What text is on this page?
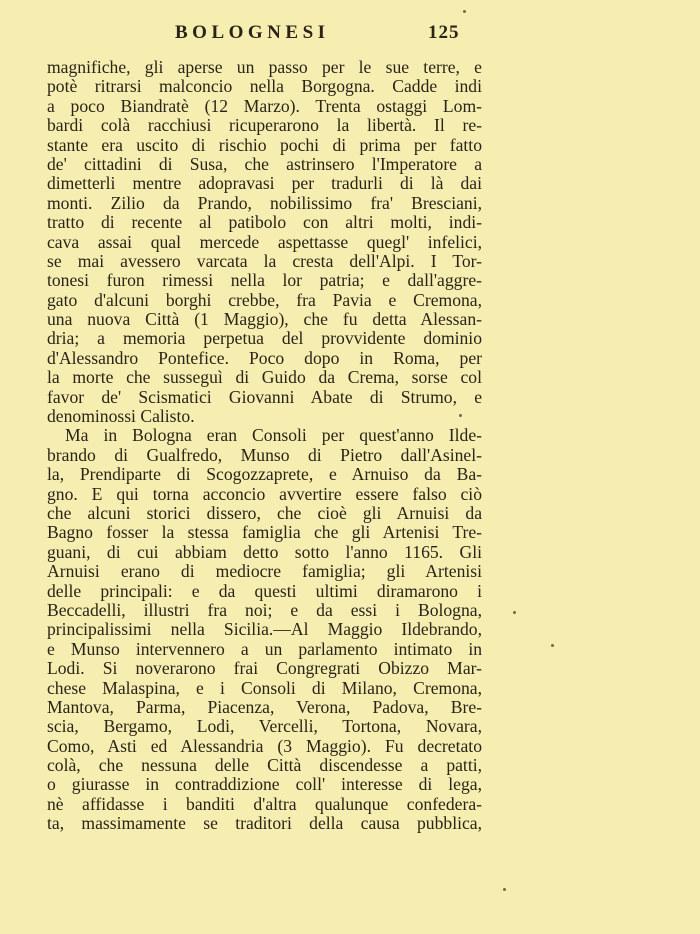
BOLOGNESI	125
magnifiche, gli aperse un passo per le sue terre, e
potè ritrarsi malconcio nella Borgogna. Cadde indi
a poco Biandratè (12 Marzo). Trenta ostaggi Lom-
bardi colà racchiusi ricuperarono la libertà. Il re-
stante era uscito di rischio pochi di prima per fatto
de' cittadini di Susa, che astrinsero l'Imperatore a
dimetterli mentre adopravasi per tradurli di là dai
monti. Zilio da Prando, nobilissimo fra' Bresciani,
tratto di recente al patibolo con altri molti, indi-
cava assai qual mercede aspettasse quegl' infelici,
se mai avessero varcata la cresta dell'Alpi. I Tor-
tonesi furon rimessi nella lor patria; e dall'aggre-
gato d'alcuni borghi crebbe, fra Pavia e Cremona,
una nuova Città (1 Maggio), che fu detta Alessan-
dria; a memoria perpetua del provvidente dominio
d'Alessandro Pontefice. Poco dopo in Roma, per
la morte che susseguì di Guido da Crema, sorse col
favor de' Scismatici Giovanni Abate di Strumo, e
denominossi Calisto.
Ma in Bologna eran Consoli per quest'anno Ilde-
brando di Gualfredo, Munso di Pietro dall'Asinel-
la, Prendiparte di Scogozzaprete, e Arnuiso da Ba-
gno. E qui torna acconcio avvertire essere falso ciò
che alcuni storici dissero, che cioè gli Arnuisi da
Bagno fosser la stessa famiglia che gli Artenisi Tre-
guani, di cui abbiam detto sotto l'anno 1165. Gli
Arnuisi erano di mediocre famiglia; gli Artenisi
delle principali: e da questi ultimi diramarono i
Beccadelli, illustri fra noi; e da essi i Bologna,
principalissimi nella Sicilia.—Al Maggio Ildebrando,
e Munso intervennero a un parlamento intimato in
Lodi. Si noverarono frai Congregrati Obizzo Mar-
chese Malaspina, e i Consoli di Milano, Cremona,
Mantova, Parma, Piacenza, Verona, Padova, Bre-
scia, Bergamo, Lodi, Vercelli, Tortona, Novara,
Como, Asti ed Alessandria (3 Maggio). Fu decretato
colà, che nessuna delle Città discendesse a patti,
o giurasse in contraddizione coll' interesse di lega,
nè affidasse i banditi d'altra qualunque confedera-
ta, massimamente se traditori della causa pubblica,
